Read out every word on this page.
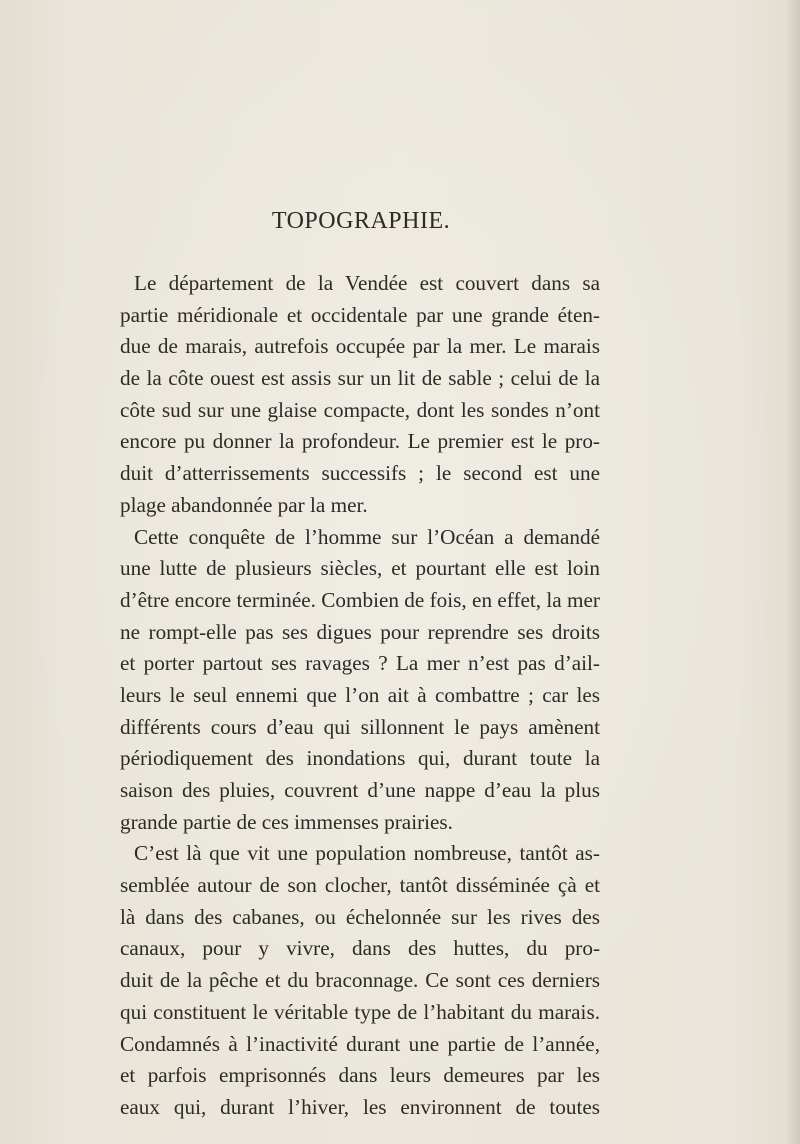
TOPOGRAPHIE.
Le département de la Vendée est couvert dans sa
partie méridionale et occidentale par une grande éten-
due de marais, autrefois occupée par la mer. Le marais
de la côte ouest est assis sur un lit de sable ; celui de la
côte sud sur une glaise compacte, dont les sondes n’ont
encore pu donner la profondeur. Le premier est le pro-
duit d’atterrissements successifs ; le second est une
plage abandonnée par la mer.
Cette conquête de l’homme sur l’Océan a demandé
une lutte de plusieurs siècles, et pourtant elle est loin
d’être encore terminée. Combien de fois, en effet, la mer
ne rompt-elle pas ses digues pour reprendre ses droits
et porter partout ses ravages ? La mer n’est pas d’ail-
leurs le seul ennemi que l’on ait à combattre ; car les
différents cours d’eau qui sillonnent le pays amènent
périodiquement des inondations qui, durant toute la
saison des pluies, couvrent d’une nappe d’eau la plus
grande partie de ces immenses prairies.
C’est là que vit une population nombreuse, tantôt as-
semblée autour de son clocher, tantôt disséminée çà et
là dans des cabanes, ou échelonnée sur les rives des
canaux, pour y vivre, dans des huttes, du pro-
duit de la pêche et du braconnage. Ce sont ces derniers
qui constituent le véritable type de l’habitant du marais.
Condamnés à l’inactivité durant une partie de l’année,
et parfois emprisonnés dans leurs demeures par les
eaux qui, durant l’hiver, les environnent de toutes
